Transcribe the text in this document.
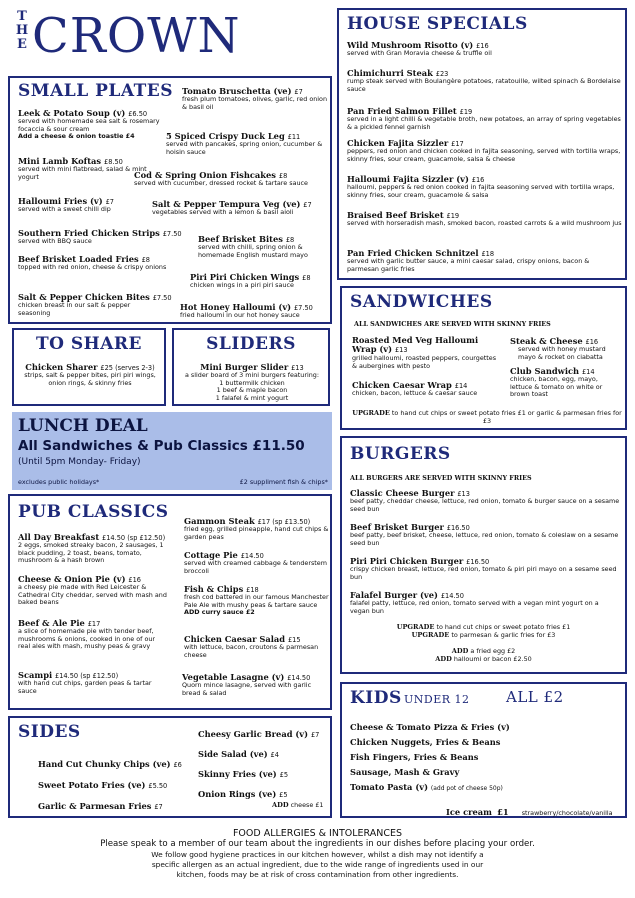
T
H
E CROWN	HOUSE SPECIALS
Wild Mushroom Risotto (v) £16
served with Gran Moravia cheese & truffle oil
Chimichurri Steak £23
rump steak served with Boulangère potatoes, ratatouille, wilted spinach & Bordelaise sauce
Pan Fried Salmon Fillet £19
served in a light chilli & vegetable broth, new potatoes, an array of spring vegetables & a pickled fennel garnish
Chicken Fajita Sizzler £17
peppers, red onion and chicken cooked in fajita seasoning, served with tortilla wraps, skinny fries, sour cream, guacamole, salsa & cheese
Halloumi Fajita Sizzler (v) £16
halloumi, peppers & red onion cooked in fajita seasoning served with tortilla wraps, skinny fries, sour cream, guacamole & salsa
Braised Beef Brisket £19
served with horseradish mash, smoked bacon, roasted carrots & a wild mushroom jus
Pan Fried Chicken Schnitzel £18
served with garlic butter sauce, a mini caesar salad, crispy onions, bacon & parmesan garlic fries
SMALL PLATES
Leek & Potato Soup (v) £6.50
served with homemade sea salt & rosemary focaccia & sour cream
Add a cheese & onion toastie £4
Mini Lamb Koftas £8.50
served with mini flatbread, salad & mint yogurt
Halloumi Fries (v) £7
served with a sweet chilli dip
Southern Fried Chicken Strips £7.50
served with BBQ sauce
Beef Brisket Loaded Fries £8
topped with red onion, cheese & crispy onions
Salt & Pepper Chicken Bites £7.50
chicken breast in our salt & pepper seasoning
Tomato Bruschetta (ve) £7
fresh plum tomatoes, olives, garlic, red onion & basil oil
5 Spiced Crispy Duck Leg £11
served with pancakes, spring onion, cucumber & hoisin sauce
Cod & Spring Onion Fishcakes £8
served with cucumber, dressed rocket & tartare sauce
Salt & Pepper Tempura Veg (ve) £7
vegetables served with a lemon & basil aioli
Beef Brisket Bites £8
served with chilli, spring onion & homemade English mustard mayo
Piri Piri Chicken Wings £8
chicken wings in a piri piri sauce
Hot Honey Halloumi (v) £7.50
fried halloumi in our hot honey sauce
SANDWICHES
ALL SANDWICHES ARE SERVED WITH SKINNY FRIES
Roasted Med Veg Halloumi Wrap (v) £13
grilled halloumi, roasted peppers, courgettes & aubergines with pesto
Steak & Cheese £16
served with honey mustard mayo & rocket on ciabatta
Chicken Caesar Wrap £14
chicken, bacon, lettuce & caesar sauce
Club Sandwich £14
chicken, bacon, egg, mayo, lettuce & tomato on white or brown toast
UPGRADE to hand cut chips or sweet potato fries £1 or garlic & parmesan fries for £3
TO SHARE
Chicken Sharer £25 (serves 2-3)
strips, salt & pepper bites, piri piri wings, onion rings, & skinny fries
SLIDERS
Mini Burger Slider £13
a slider board of 3 mini burgers featuring:
1 buttermilk chicken
1 beef & maple bacon
1 falafel & mint yogurt
LUNCH DEAL
All Sandwiches & Pub Classics £11.50
(Until 5pm Monday- Friday)
excludes public holidays*	£2 suppliment fish & chips*
BURGERS
ALL BURGERS ARE SERVED WITH SKINNY FRIES
Classic Cheese Burger £13
beef patty, cheddar cheese, lettuce, red onion, tomato & burger sauce on a sesame seed bun
Beef Brisket Burger £16.50
beef patty, beef brisket, cheese, lettuce, red onion, tomato & coleslaw on a sesame seed bun
Piri Piri Chicken Burger £16.50
crispy chicken breast, lettuce, red onion, tomato & piri piri mayo on a sesame seed bun
Falafel Burger (ve) £14.50
falafel patty, lettuce, red onion, tomato served with a vegan mint yogurt on a vegan bun
UPGRADE to hand cut chips or sweet potato fries £1
UPGRADE to parmesan & garlic fries for £3
ADD a fried egg £2
ADD halloumi or bacon £2.50
PUB CLASSICS
All Day Breakfast £14.50 (sp £12.50)
2 eggs, smoked streaky bacon, 2 sausages, 1 black pudding, 2 toast, beans, tomato, mushroom & a hash brown
Cheese & Onion Pie (v) £16
a cheesy pie made with Red Leicester & Cathedral City cheddar, served with mash and baked beans
Beef & Ale Pie £17
a slice of homemade pie with tender beef, mushrooms & onions, cooked in one of our real ales with mash, mushy peas & gravy
Scampi £14.50 (sp £12.50)
with hand cut chips, garden peas & tartar sauce
Gammon Steak £17 (sp £13.50)
fried egg, grilled pineapple, hand cut chips & garden peas
Cottage Pie £14.50
served with creamed cabbage & tenderstem broccoli
Fish & Chips £18
fresh cod battered in our famous Manchester Pale Ale with mushy peas & tartare sauce
ADD curry sauce £2
Chicken Caesar Salad £15
with lettuce, bacon, croutons & parmesan cheese
Vegetable Lasagne (v) £14.50
Quorn mince lasagne, served with garlic bread & salad	KIDS UNDER 12 ALL £2
Cheese & Tomato Pizza & Fries (v)
Chicken Nuggets, Fries & Beans
Fish Fingers, Fries & Beans
Sausage, Mash & Gravy
Tomato Pasta (v) (add pot of cheese 50p)
Ice cream £1 strawberry/chocolate/vanilla
SIDES
Hand Cut Chunky Chips (ve) £6
Sweet Potato Fries (ve) £5.50
Garlic & Parmesan Fries £7
Cheesy Garlic Bread (v) £7
Side Salad (ve) £4
Skinny Fries (ve) £5
Onion Rings (ve) £5
ADD cheese £1
FOOD ALLERGIES & INTOLERANCES
Please speak to a member of our team about the ingredients in our dishes before placing your order.
We follow good hygiene practices in our kitchen however, whilst a dish may not identify a
specific allergen as an actual ingredient, due to the wide range of ingredients used in our
kitchen, foods may be at risk of cross contamination from other ingredients.
